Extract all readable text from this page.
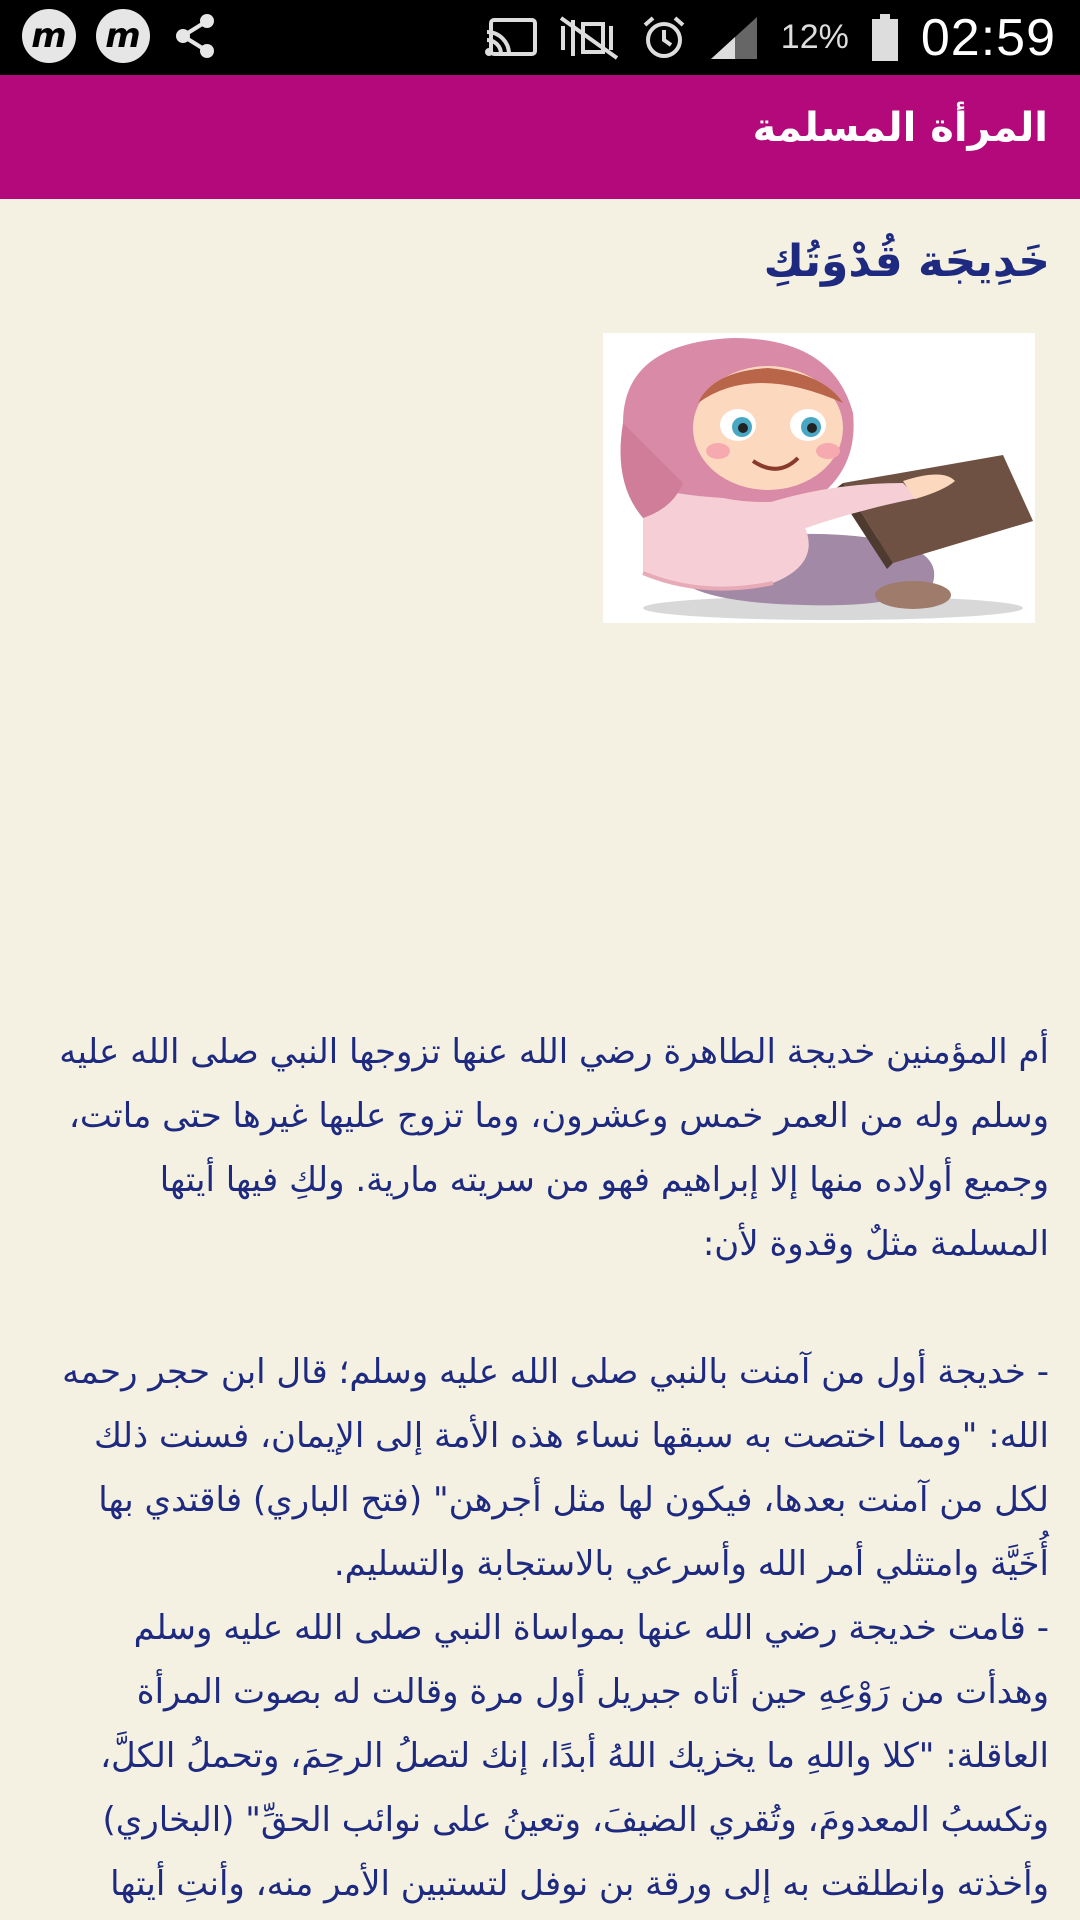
m m	12% 02:59
المرأة المسلمة
خَدِيجَة قُدْوَتُكِ

أم المؤمنين خديجة الطاهرة رضي الله عنها تزوجها النبي صلى الله عليه وسلم وله من العمر خمس وعشرون، وما تزوج عليها غيرها حتى ماتت، وجميع أولاده منها إلا إبراهيم فهو من سريته مارية. ولكِ فيها أيتها المسلمة مثلٌ وقدوة لأن:

- خديجة أول من آمنت بالنبي صلى الله عليه وسلم؛ قال ابن حجر رحمه الله: "ومما اختصت به سبقها نساء هذه الأمة إلى الإيمان، فسنت ذلك لكل من آمنت بعدها، فيكون لها مثل أجرهن" (فتح الباري) فاقتدي بها أُخَيَّة وامتثلي أمر الله وأسرعي بالاستجابة والتسليم.

- قامت خديجة رضي الله عنها بمواساة النبي صلى الله عليه وسلم وهدأت من رَوْعِهِ حين أتاه جبريل أول مرة وقالت له بصوت المرأة العاقلة: "كلا واللهِ ما يخزيك اللهُ أبدًا، إنك لتصلُ الرحِمَ، وتحملُ الكلَّ، وتكسبُ المعدومَ، وتُقري الضيفَ، وتعينُ على نوائب الحقِّ" (البخاري) وأخذته وانطلقت به إلى ورقة بن نوفل لتستبين الأمر منه، وأنتِ أيتها
